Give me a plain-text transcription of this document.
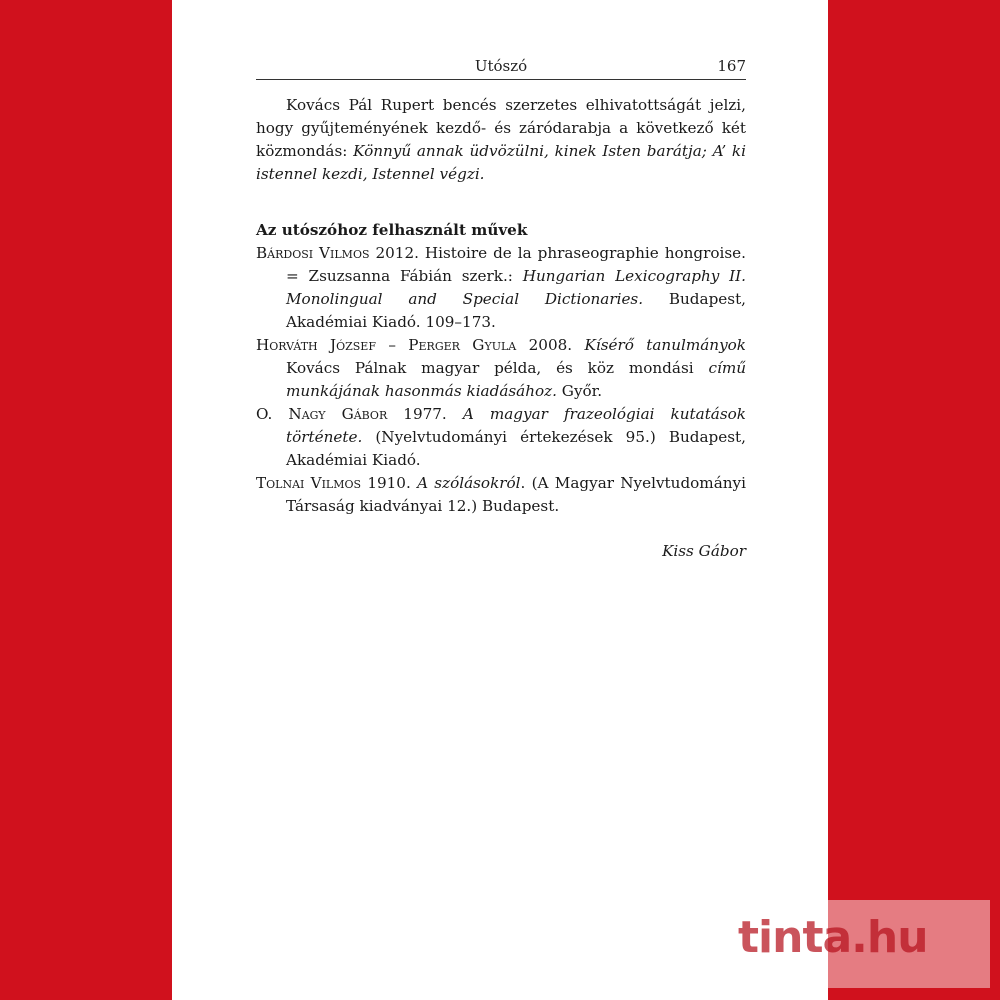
Utószó	167

Kovács Pál Rupert bencés szerzetes elhivatottságát jelzi, hogy gyűjteményének kezdő- és záródarabja a következő két közmondás: Könnyű annak üdvözülni, kinek Isten barátja; A’ ki istennel kezdi, Istennel végzi.

Az utószóhoz felhasznált művek

Bárdosi Vilmos 2012. Histoire de la phraseographie hongroise. = Zsuzsanna Fábián szerk.: Hungarian Lexicography II. Monolingual and Special Dictionaries. Budapest, Akadémiai Kiadó. 109–173.

Horváth József – Perger Gyula 2008. Kísérő tanulmányok Kovács Pálnak magyar példa, és köz mondási című munkájának hasonmás kiadásához. Győr.

O. Nagy Gábor 1977. A magyar frazeológiai kutatások története. (Nyelvtudományi értekezések 95.) Budapest, Akadémiai Kiadó.

Tolnai Vilmos 1910. A szólásokról. (A Magyar Nyelvtudományi Társaság kiadványai 12.) Budapest.

Kiss Gábor
tinta.hu
